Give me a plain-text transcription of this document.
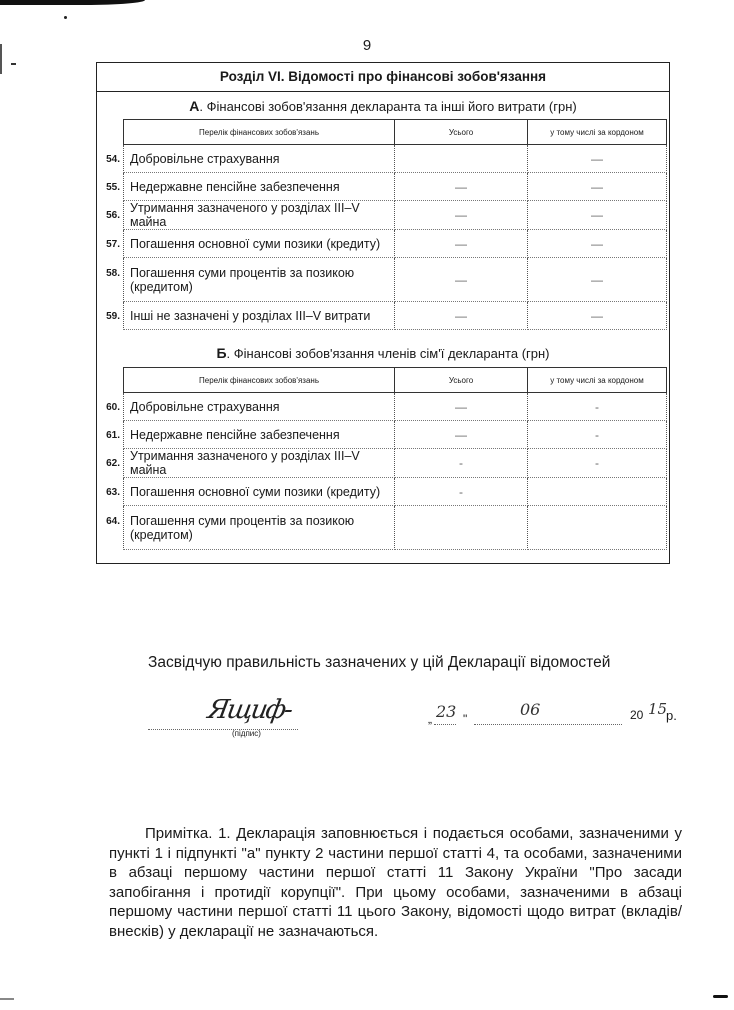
9
Розділ VI. Відомості про фінансові зобов'язання
А. Фінансові зобов'язання декларанта та інші його витрати (грн)
Перелік фінансових зобов'язань	Усього	у тому числі за кордоном

54. Добровільне страхування		—

55. Недержавне пенсійне забезпечення	—	—

56.
Утримання зазначеного у розділах III–V майна	—	—

57. Погашення основної суми позики (кредиту)	—	—

58. Погашення суми процентів за позикою (кредитом)	—	—

59. Інші не зазначені у розділах III–V витрати	—	—
Б. Фінансові зобов'язання членів сім'ї декларанта (грн)
Перелік фінансових зобов'язань	Усього	у тому числі за кордоном

60. Добровільне страхування	—	-

61. Недержавне пенсійне забезпечення	—	-

62.
Утримання зазначеного у розділах III–V майна	-	-

63. Погашення основної суми позики (кредиту)	-	

64. Погашення суми процентів за позикою (кредитом)		

Засвідчую правильність зазначених у цій Декларації відомостей
Ящиф-
(підпис)
„ 23 "	06	20 15
р.

Примітка. 1. Декларація заповнюється і подається особами, зазначеними у пункті 1 і підпункті "а" пункту 2 частини першої статті 4, та особами, зазначеними в абзаці першому частини першої статті 11 Закону України "Про засади запобігання і протидії корупції". При цьому особами, зазначеними в абзаці першому частини першої статті 11 цього Закону, відомості щодо витрат (вкладів/внесків) у декларації не зазначаються.
